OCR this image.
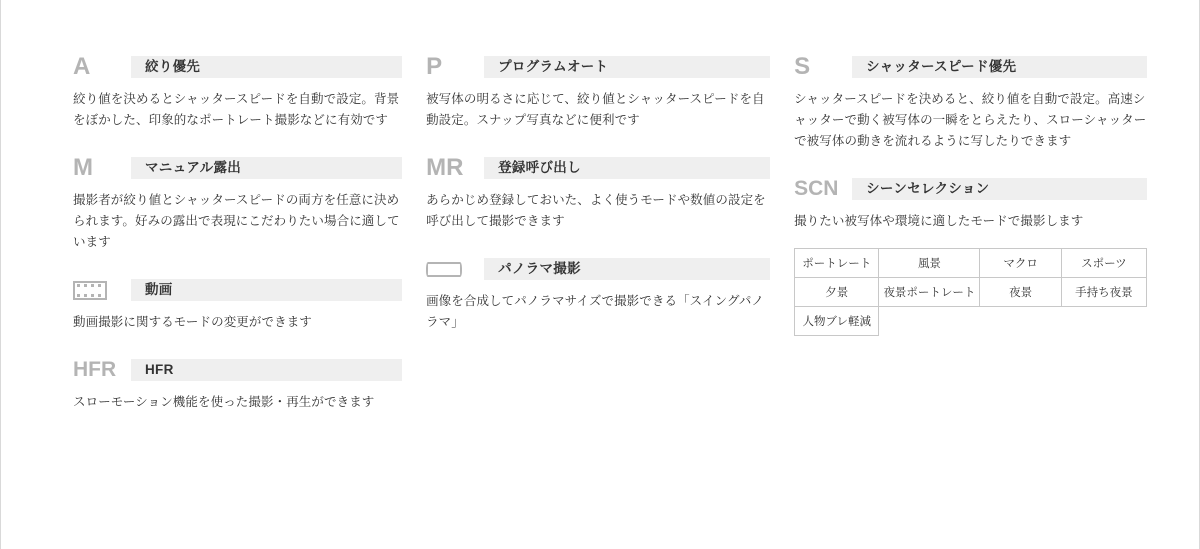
A	絞り優先
絞り値を決めるとシャッタースピードを自動で設定。背景をぼかした、印象的なポートレート撮影などに有効です
M	マニュアル露出
撮影者が絞り値とシャッタースピードの両方を任意に決められます。好みの露出で表現にこだわりたい場合に適しています
動画
動画撮影に関するモードの変更ができます
HFR	HFR
スローモーション機能を使った撮影・再生ができます
P	プログラムオート
被写体の明るさに応じて、絞り値とシャッタースピードを自動設定。スナップ写真などに便利です
MR	登録呼び出し
あらかじめ登録しておいた、よく使うモードや数値の設定を呼び出して撮影できます
パノラマ撮影
画像を合成してパノラマサイズで撮影できる「スイングパノラマ」
S	シャッタースピード優先
シャッタースピードを決めると、絞り値を自動で設定。高速シャッターで動く被写体の一瞬をとらえたり、スローシャッターで被写体の動きを流れるように写したりできます
SCN	シーンセレクション
撮りたい被写体や環境に適したモードで撮影します
ポートレート	風景	マクロ	スポーツ
夕景	夜景ポートレート	夜景	手持ち夜景
人物ブレ軽減			
